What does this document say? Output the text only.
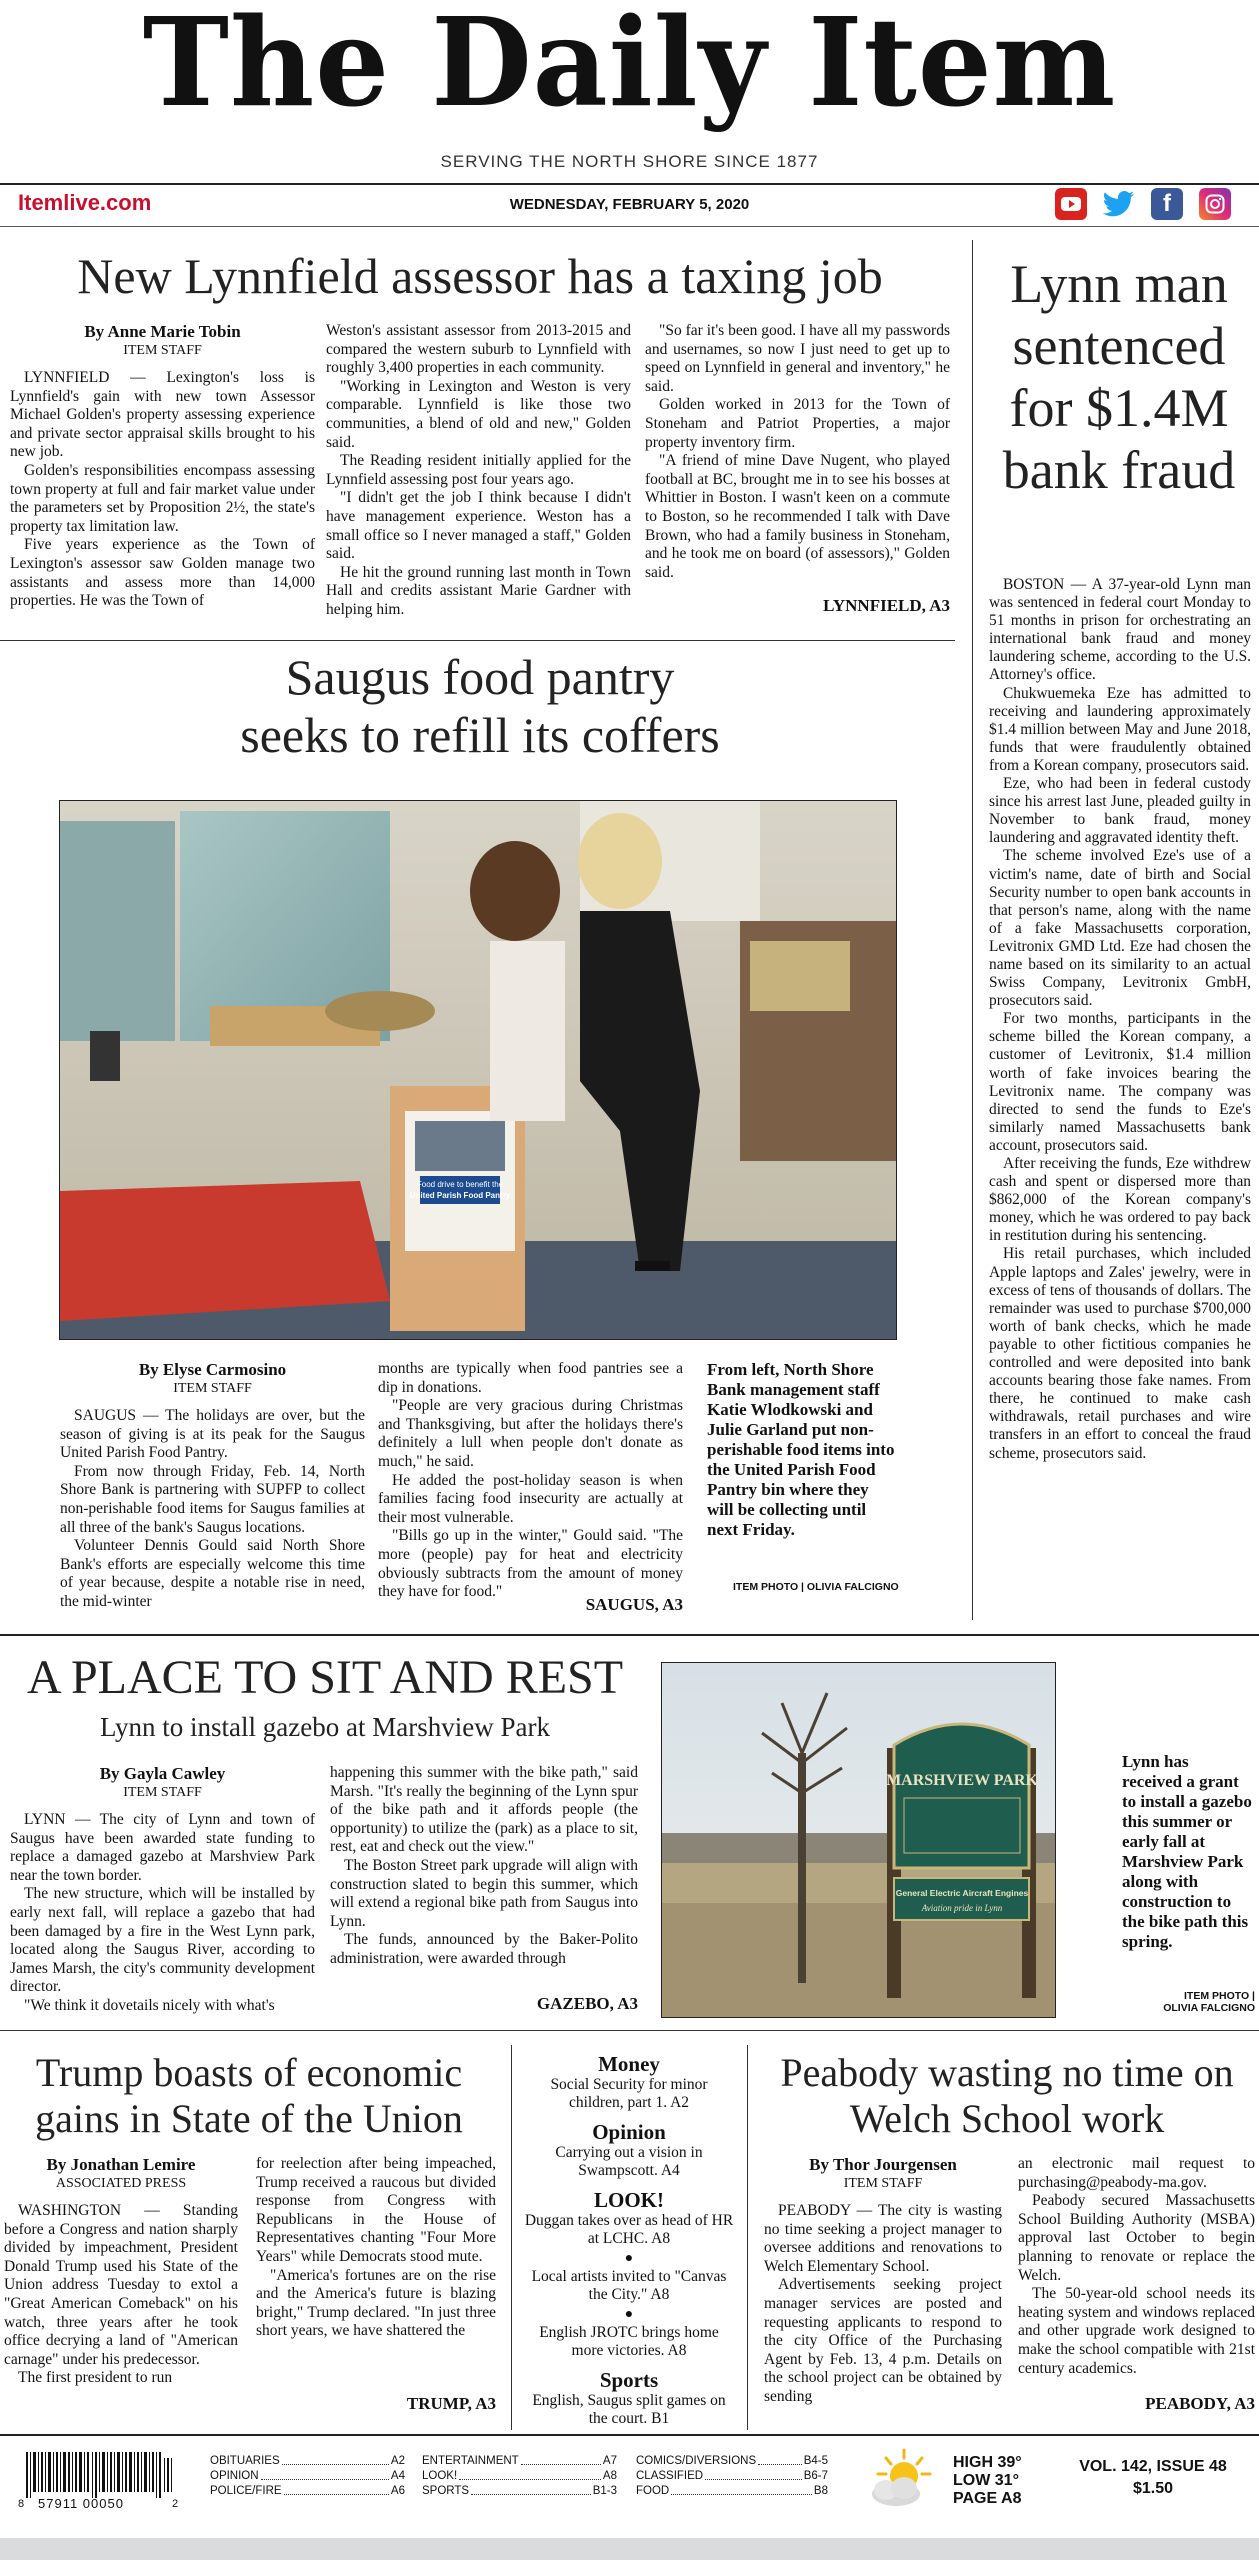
The Daily Item
SERVING THE NORTH SHORE SINCE 1877
Itemlive.com	WEDNESDAY, FEBRUARY 5, 2020	f
New Lynnfield assessor has a taxing job
By Anne Marie Tobin
ITEM STAFF

LYNNFIELD — Lexington's loss is Lynnfield's gain with new town Assessor Michael Golden's property assessing experience and private sector appraisal skills brought to his new job.

Golden's responsibilities encompass assessing town property at full and fair market value under the parameters set by Proposition 2½, the state's property tax limitation law.

Five years experience as the Town of Lexington's assessor saw Golden manage two assistants and assess more than 14,000 properties. He was the Town of

Weston's assistant assessor from 2013-2015 and compared the western suburb to Lynnfield with roughly 3,400 properties in each community.

"Working in Lexington and Weston is very comparable. Lynnfield is like those two communities, a blend of old and new," Golden said.

The Reading resident initially applied for the Lynnfield assessing post four years ago.

"I didn't get the job I think because I didn't have management experience. Weston has a small office so I never managed a staff," Golden said.

He hit the ground running last month in Town Hall and credits assistant Marie Gardner with helping him.

"So far it's been good. I have all my passwords and usernames, so now I just need to get up to speed on Lynnfield in general and inventory," he said.

Golden worked in 2013 for the Town of Stoneham and Patriot Properties, a major property inventory firm.

"A friend of mine Dave Nugent, who played football at BC, brought me in to see his bosses at Whittier in Boston. I wasn't keen on a commute to Boston, so he recommended I talk with Dave Brown, who had a family business in Stoneham, and he took me on board (of assessors)," Golden said.

LYNNFIELD, A3
Saugus food pantry
seeks to refill its coffers
Food drive to benefit the
United Parish Food Pantry
By Elyse Carmosino
ITEM STAFF

SAUGUS — The holidays are over, but the season of giving is at its peak for the Saugus United Parish Food Pantry.

From now through Friday, Feb. 14, North Shore Bank is partnering with SUPFP to collect non-perishable food items for Saugus families at all three of the bank's Saugus locations.

Volunteer Dennis Gould said North Shore Bank's efforts are especially welcome this time of year because, despite a notable rise in need, the mid-winter

months are typically when food pantries see a dip in donations.

"People are very gracious during Christmas and Thanksgiving, but after the holidays there's definitely a lull when people don't donate as much," he said.

He added the post-holiday season is when families facing food insecurity are actually at their most vulnerable.

"Bills go up in the winter," Gould said. "The more (people) pay for heat and electricity obviously subtracts from the amount of money they have for food."

SAUGUS, A3
From left, North Shore Bank management staff Katie Wlodkowski and Julie Garland put non-perishable food items into the United Parish Food Pantry bin where they will be collecting until next Friday.
ITEM PHOTO | OLIVIA FALCIGNO
Lynn man sentenced for $1.4M bank fraud

BOSTON — A 37-year-old Lynn man was sentenced in federal court Monday to 51 months in prison for orchestrating an international bank fraud and money laundering scheme, according to the U.S. Attorney's office.

Chukwuemeka Eze has admitted to receiving and laundering approximately $1.4 million between May and June 2018, funds that were fraudulently obtained from a Korean company, prosecutors said.

Eze, who had been in federal custody since his arrest last June, pleaded guilty in November to bank fraud, money laundering and aggravated identity theft.

The scheme involved Eze's use of a victim's name, date of birth and Social Security number to open bank accounts in that person's name, along with the name of a fake Massachusetts corporation, Levitronix GMD Ltd. Eze had chosen the name based on its similarity to an actual Swiss Company, Levitronix GmbH, prosecutors said.

For two months, participants in the scheme billed the Korean company, a customer of Levitronix, $1.4 million worth of fake invoices bearing the Levitronix name. The company was directed to send the funds to Eze's similarly named Massachusetts bank account, prosecutors said.

After receiving the funds, Eze withdrew cash and spent or dispersed more than $862,000 of the Korean company's money, which he was ordered to pay back in restitution during his sentencing.

His retail purchases, which included Apple laptops and Zales' jewelry, were in excess of tens of thousands of dollars. The remainder was used to purchase $700,000 worth of bank checks, which he made payable to other fictitious companies he controlled and were deposited into bank accounts bearing those fake names. From there, he continued to make cash withdrawals, retail purchases and wire transfers in an effort to conceal the fraud scheme, prosecutors said.

A PLACE TO SIT AND REST
Lynn to install gazebo at Marshview Park
By Gayla Cawley
ITEM STAFF

LYNN — The city of Lynn and town of Saugus have been awarded state funding to replace a damaged gazebo at Marshview Park near the town border.

The new structure, which will be installed by early next fall, will replace a gazebo that had been damaged by a fire in the West Lynn park, located along the Saugus River, according to James Marsh, the city's community development director.

"We think it dovetails nicely with what's

happening this summer with the bike path," said Marsh. "It's really the beginning of the Lynn spur of the bike path and it affords people (the opportunity) to utilize the (park) as a place to sit, rest, eat and check out the view."

The Boston Street park upgrade will align with construction slated to begin this summer, which will extend a regional bike path from Saugus into Lynn.

The funds, announced by the Baker-Polito administration, were awarded through

GAZEBO, A3
MARSHVIEW PARK
General Electric Aircraft Engines
Aviation pride in Lynn
Lynn has received a grant to install a gazebo this summer or early fall at Marshview Park along with construction to the bike path this spring.
ITEM PHOTO |
OLIVIA FALCIGNO
Trump boasts of economic gains in State of the Union
By Jonathan Lemire
ASSOCIATED PRESS

WASHINGTON — Standing before a Congress and nation sharply divided by impeachment, President Donald Trump used his State of the Union address Tuesday to extol a "Great American Comeback" on his watch, three years after he took office decrying a land of "American carnage" under his predecessor.

The first president to run

for reelection after being impeached, Trump received a raucous but divided response from Congress with Republicans in the House of Representatives chanting "Four More Years" while Democrats stood mute.

"America's fortunes are on the rise and the America's future is blazing bright," Trump declared. "In just three short years, we have shattered the

TRUMP, A3
Money
Social Security for minor children, part 1. A2
Opinion
Carrying out a vision in Swampscott. A4
LOOK!
Duggan takes over as head of HR at LCHC. A8
●
Local artists invited to "Canvas the City." A8
●
English JROTC brings home more victories. A8
Sports
English, Saugus split games on the court. B1
Peabody wasting no time on Welch School work
By Thor Jourgensen
ITEM STAFF

PEABODY — The city is wasting no time seeking a project manager to oversee additions and renovations to Welch Elementary School.

Advertisements seeking project manager services are posted and requesting applicants to respond to the city Office of the Purchasing Agent by Feb. 13, 4 p.m. Details on the school project can be obtained by sending

an electronic mail request to purchasing@peabody-ma.gov.

Peabody secured Massachusetts School Building Authority (MSBA) approval last October to begin planning to renovate or replace the Welch.

The 50-year-old school needs its heating system and windows replaced and other upgrade work designed to make the school compatible with 21st century academics.

PEABODY, A3
8 57911 00050	2
OBITUARIES	A2
OPINION	A4
POLICE/FIRE	A6
ENTERTAINMENT	A7
LOOK!	A8
SPORTS	B1-3
COMICS/DIVERSIONS	B4-5
CLASSIFIED	B6-7
FOOD	B8
HIGH 39°
LOW 31°
PAGE A8
VOL. 142, ISSUE 48
$1.50
